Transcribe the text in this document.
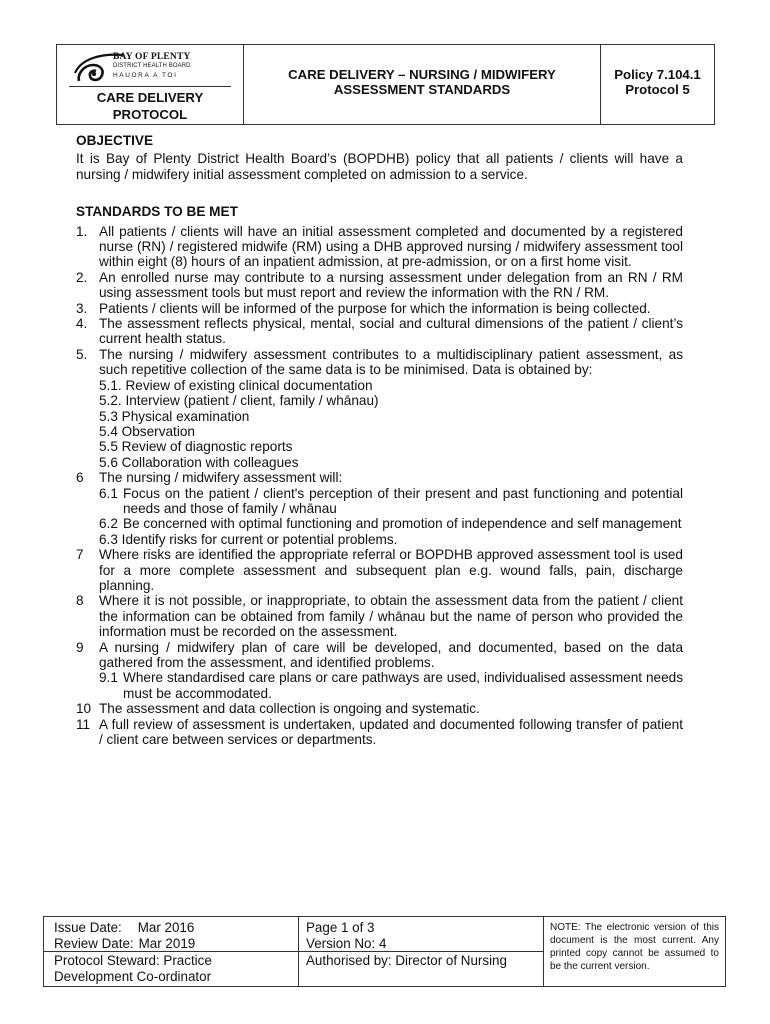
BAY OF PLENTY
DISTRICT HEALTH BOARD
HAUORA A TOI
CARE DELIVERY
PROTOCOL
CARE DELIVERY – NURSING / MIDWIFERY
ASSESSMENT STANDARDS
Policy 7.104.1
Protocol 5
OBJECTIVE

It is Bay of Plenty District Health Board’s (BOPDHB) policy that all patients / clients will have a nursing / midwifery initial assessment completed on admission to a service.

STANDARDS TO BE MET
1. All patients / clients will have an initial assessment completed and documented by a registered nurse (RN) / registered midwife (RM) using a DHB approved nursing / midwifery assessment tool within eight (8) hours of an inpatient admission, at pre-admission, or on a first home visit.
2. An enrolled nurse may contribute to a nursing assessment under delegation from an RN / RM using assessment tools but must report and review the information with the RN / RM.
3. Patients / clients will be informed of the purpose for which the information is being collected.
4. The assessment reflects physical, mental, social and cultural dimensions of the patient / client’s current health status.
5. The nursing / midwifery assessment contributes to a multidisciplinary patient assessment, as such repetitive collection of the same data is to be minimised. Data is obtained by:
5.1. Review of existing clinical documentation
5.2. Interview (patient / client, family / whānau)
5.3 Physical examination
5.4 Observation
5.5 Review of diagnostic reports
5.6 Collaboration with colleagues
6 The nursing / midwifery assessment will:
6.1 Focus on the patient / client's perception of their present and past functioning and potential needs and those of family / whānau
6.2 Be concerned with optimal functioning and promotion of independence and self management
6.3 Identify risks for current or potential problems.
7 Where risks are identified the appropriate referral or BOPDHB approved assessment tool is used for a more complete assessment and subsequent plan e.g. wound falls, pain, discharge planning.
8 Where it is not possible, or inappropriate, to obtain the assessment data from the patient / client the information can be obtained from family / whānau but the name of person who provided the information must be recorded on the assessment.
9 A nursing / midwifery plan of care will be developed, and documented, based on the data gathered from the assessment, and identified problems.
9.1 Where standardised care plans or care pathways are used, individualised assessment needs must be accommodated.
10 The assessment and data collection is ongoing and systematic.
11 A full review of assessment is undertaken, updated and documented following transfer of patient / client care between services or departments.
Issue Date: Mar 2016
Review Date: Mar 2019
Protocol Steward: Practice
Development Co-ordinator
Page 1 of 3
Version No: 4
Authorised by: Director of Nursing
NOTE: The electronic version of this document is the most current. Any printed copy cannot be assumed to be the current version.
